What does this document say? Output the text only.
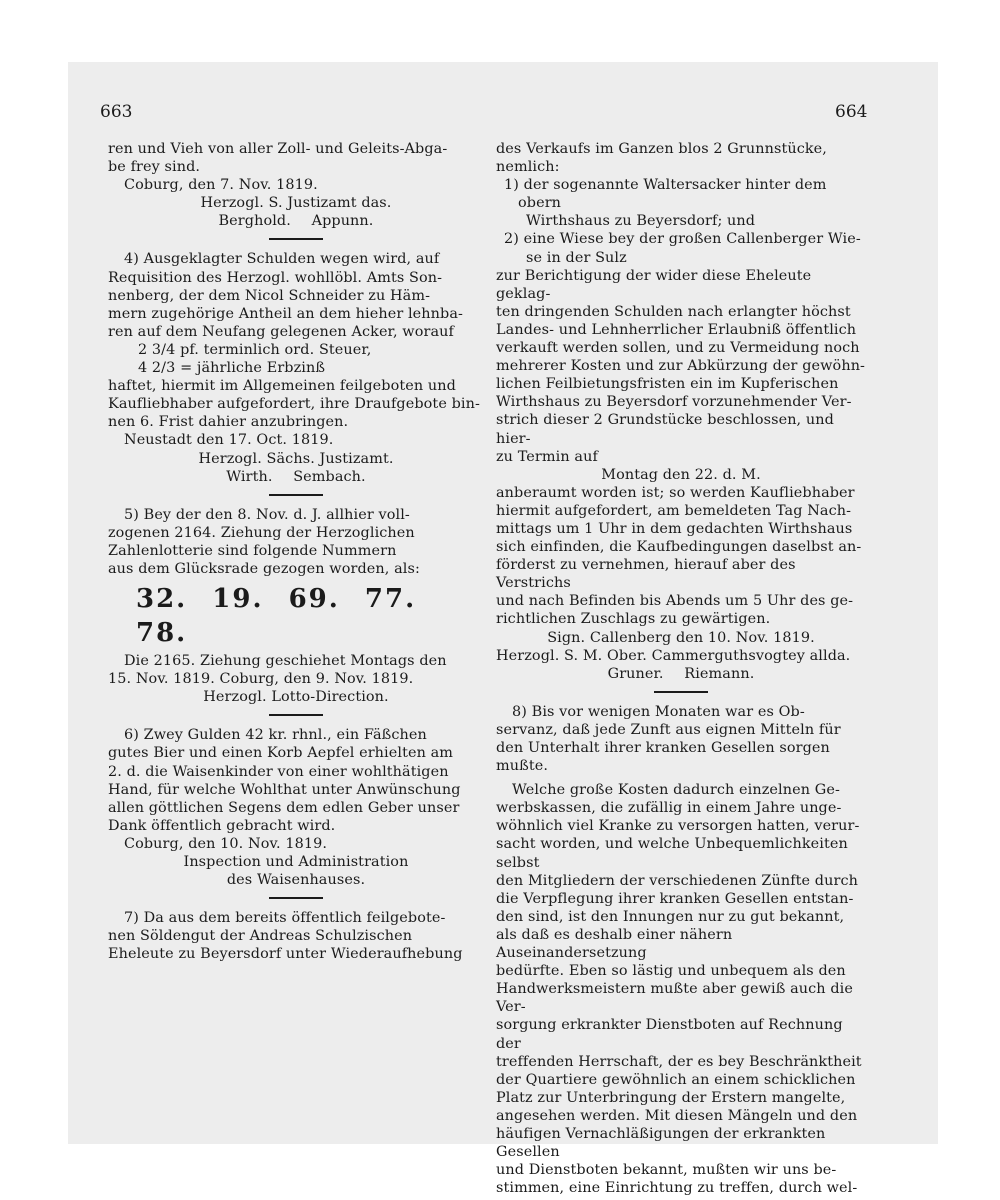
663	664

ren und Vieh von aller Zoll- und Geleits-Abga-

be frey sind.

Coburg, den 7. Nov. 1819.

Herzogl. S. Justizamt das.

Berghold. Appunn.

4) Ausgeklagter Schulden wegen wird, auf

Requisition des Herzogl. wohllöbl. Amts Son-

nenberg, der dem Nicol Schneider zu Häm-

mern zugehörige Antheil an dem hieher lehnba-

ren auf dem Neufang gelegenen Acker, worauf

2 3/4 pf. terminlich ord. Steuer,

4 2/3 = jährliche Erbzinß

haftet, hiermit im Allgemeinen feilgeboten und

Kaufliebhaber aufgefordert, ihre Draufgebote bin-

nen 6. Frist dahier anzubringen.

Neustadt den 17. Oct. 1819.

Herzogl. Sächs. Justizamt.

Wirth. Sembach.

5) Bey der den 8. Nov. d. J. allhier voll-

zogenen 2164. Ziehung der Herzoglichen

Zahlenlotterie sind folgende Nummern

aus dem Glücksrade gezogen worden, als:

32. 19. 69. 77. 78.

Die 2165. Ziehung geschiehet Montags den

15. Nov. 1819. Coburg, den 9. Nov. 1819.

Herzogl. Lotto-Direction.

6) Zwey Gulden 42 kr. rhnl., ein Fäßchen

gutes Bier und einen Korb Aepfel erhielten am

2. d. die Waisenkinder von einer wohlthätigen

Hand, für welche Wohlthat unter Anwünschung

allen göttlichen Segens dem edlen Geber unser

Dank öffentlich gebracht wird.

Coburg, den 10. Nov. 1819.

Inspection und Administration

des Waisenhauses.

7) Da aus dem bereits öffentlich feilgebote-

nen Söldengut der Andreas Schulzischen

Eheleute zu Beyersdorf unter Wiederaufhebung

des Verkaufs im Ganzen blos 2 Grunnstücke,

nemlich:

1) der sogenannte Waltersacker hinter dem obern

Wirthshaus zu Beyersdorf; und

2) eine Wiese bey der großen Callenberger Wie-

se in der Sulz

zur Berichtigung der wider diese Eheleute geklag-

ten dringenden Schulden nach erlangter höchst

Landes- und Lehnherrlicher Erlaubniß öffentlich

verkauft werden sollen, und zu Vermeidung noch

mehrerer Kosten und zur Abkürzung der gewöhn-

lichen Feilbietungsfristen ein im Kupferischen

Wirthshaus zu Beyersdorf vorzunehmender Ver-

strich dieser 2 Grundstücke beschlossen, und hier-

zu Termin auf

Montag den 22. d. M.

anberaumt worden ist; so werden Kaufliebhaber

hiermit aufgefordert, am bemeldeten Tag Nach-

mittags um 1 Uhr in dem gedachten Wirthshaus

sich einfinden, die Kaufbedingungen daselbst an-

förderst zu vernehmen, hierauf aber des Verstrichs

und nach Befinden bis Abends um 5 Uhr des ge-

richtlichen Zuschlags zu gewärtigen.

Sign. Callenberg den 10. Nov. 1819.

Herzogl. S. M. Ober. Cammerguthsvogtey allda.

Gruner. Riemann.

8) Bis vor wenigen Monaten war es Ob-

servanz, daß jede Zunft aus eignen Mitteln für

den Unterhalt ihrer kranken Gesellen sorgen mußte.

Welche große Kosten dadurch einzelnen Ge-

werbskassen, die zufällig in einem Jahre unge-

wöhnlich viel Kranke zu versorgen hatten, verur-

sacht worden, und welche Unbequemlichkeiten selbst

den Mitgliedern der verschiedenen Zünfte durch

die Verpflegung ihrer kranken Gesellen entstan-

den sind, ist den Innungen nur zu gut bekannt,

als daß es deshalb einer nähern Auseinandersetzung

bedürfte. Eben so lästig und unbequem als den

Handwerksmeistern mußte aber gewiß auch die Ver-

sorgung erkrankter Dienstboten auf Rechnung der

treffenden Herrschaft, der es bey Beschränktheit

der Quartiere gewöhnlich an einem schicklichen

Platz zur Unterbringung der Erstern mangelte,

angesehen werden. Mit diesen Mängeln und den

häufigen Vernachläßigungen der erkrankten Gesellen

und Dienstboten bekannt, mußten wir uns be-

stimmen, eine Einrichtung zu treffen, durch wel-
